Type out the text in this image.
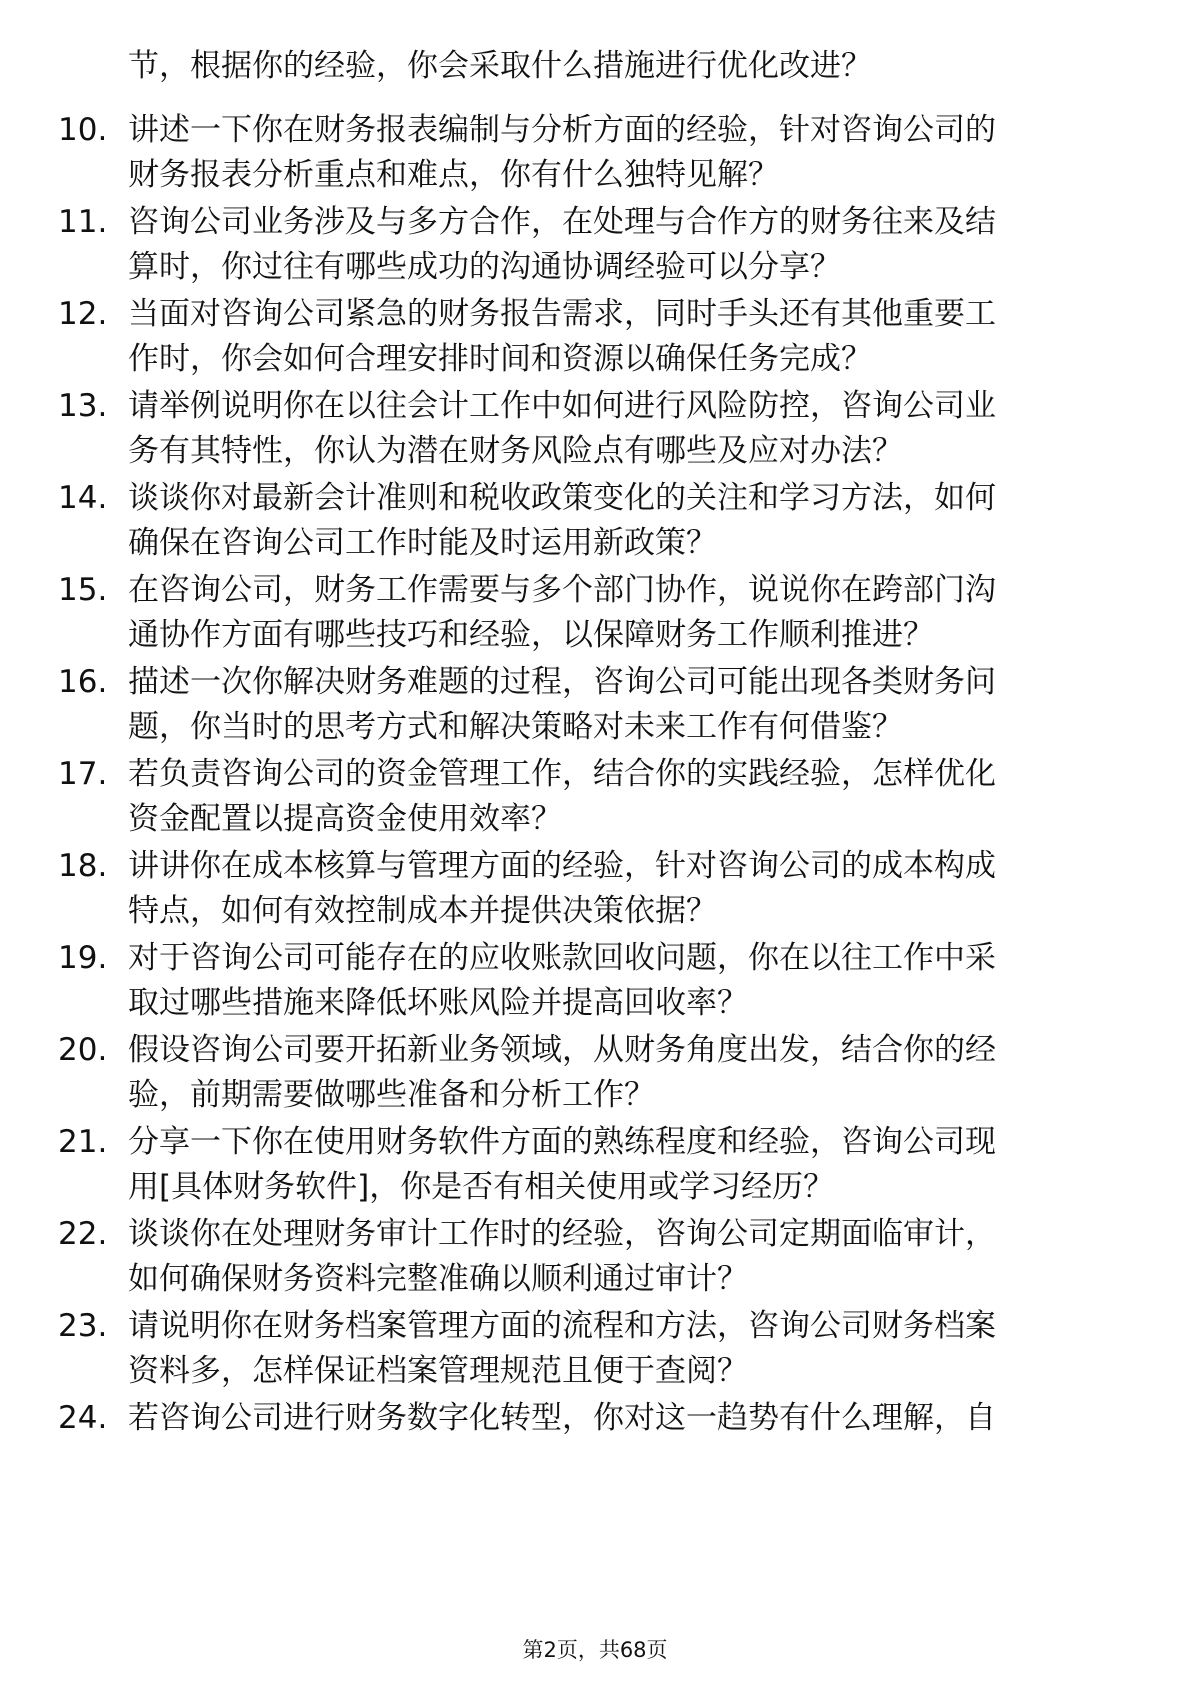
节，根据你的经验，你会采取什么措施进行优化改进？
10. 讲述一下你在财务报表编制与分析方面的经验，针对咨询公司的
财务报表分析重点和难点，你有什么独特见解？
11. 咨询公司业务涉及与多方合作，在处理与合作方的财务往来及结
算时，你过往有哪些成功的沟通协调经验可以分享？
12. 当面对咨询公司紧急的财务报告需求，同时手头还有其他重要工
作时，你会如何合理安排时间和资源以确保任务完成？
13. 请举例说明你在以往会计工作中如何进行风险防控，咨询公司业
务有其特性，你认为潜在财务风险点有哪些及应对办法？
14. 谈谈你对最新会计准则和税收政策变化的关注和学习方法，如何
确保在咨询公司工作时能及时运用新政策？
15. 在咨询公司，财务工作需要与多个部门协作，说说你在跨部门沟
通协作方面有哪些技巧和经验，以保障财务工作顺利推进？
16. 描述一次你解决财务难题的过程，咨询公司可能出现各类财务问
题，你当时的思考方式和解决策略对未来工作有何借鉴？
17. 若负责咨询公司的资金管理工作，结合你的实践经验，怎样优化
资金配置以提高资金使用效率？
18. 讲讲你在成本核算与管理方面的经验，针对咨询公司的成本构成
特点，如何有效控制成本并提供决策依据？
19. 对于咨询公司可能存在的应收账款回收问题，你在以往工作中采
取过哪些措施来降低坏账风险并提高回收率？
20. 假设咨询公司要开拓新业务领域，从财务角度出发，结合你的经
验，前期需要做哪些准备和分析工作？
21. 分享一下你在使用财务软件方面的熟练程度和经验，咨询公司现
用[具体财务软件]，你是否有相关使用或学习经历？
22. 谈谈你在处理财务审计工作时的经验，咨询公司定期面临审计，
如何确保财务资料完整准确以顺利通过审计？
23. 请说明你在财务档案管理方面的流程和方法，咨询公司财务档案
资料多，怎样保证档案管理规范且便于查阅？
24. 若咨询公司进行财务数字化转型，你对这一趋势有什么理解，自
第2页，共68页
